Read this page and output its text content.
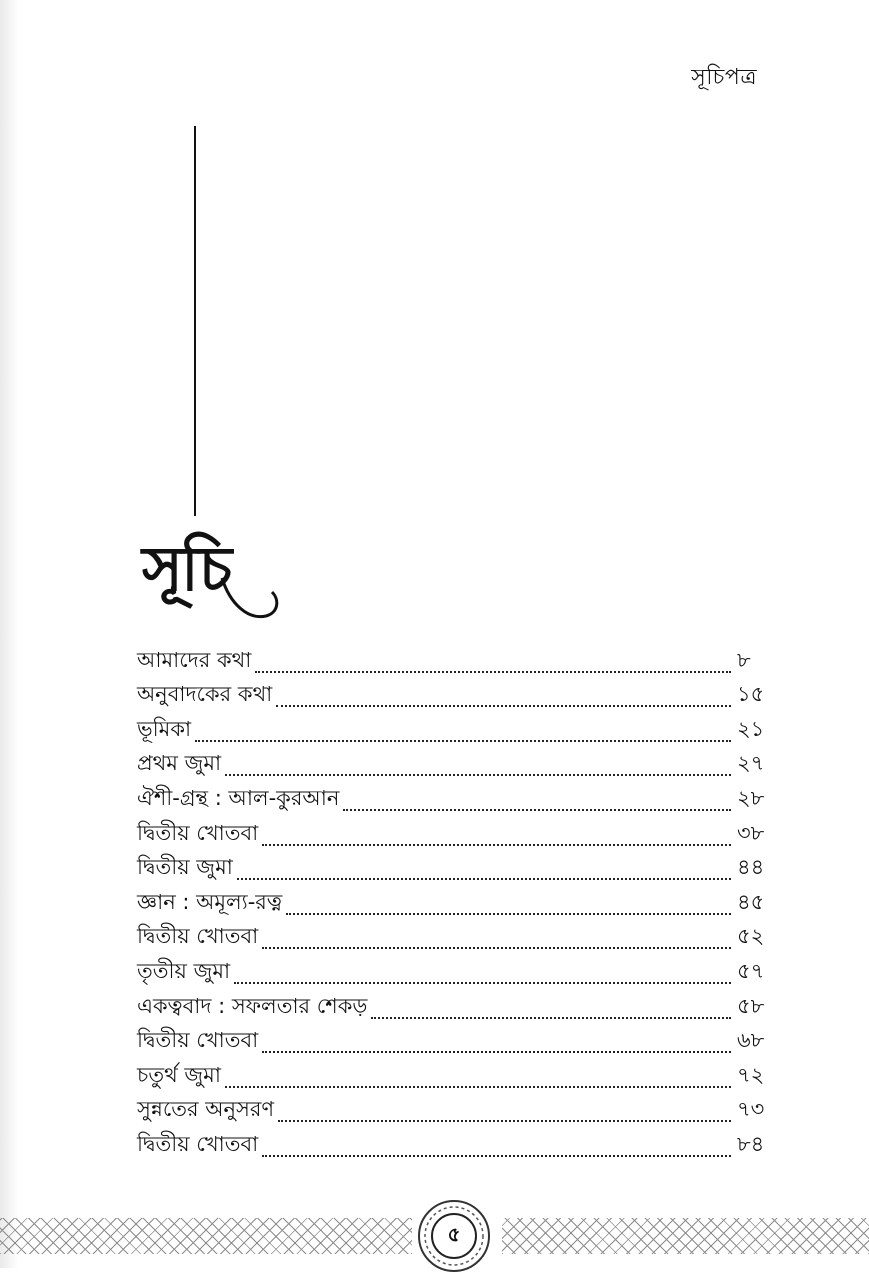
সূচিপত্র
সূচি
আমাদের কথা	৮
অনুবাদকের কথা	১৫
ভূমিকা	২১
প্রথম জুমা	২৭
ঐশী-গ্রন্থ : আল-কুরআন	২৮
দ্বিতীয় খোতবা	৩৮
দ্বিতীয় জুমা	৪৪
জ্ঞান : অমূল্য-রত্ন	৪৫
দ্বিতীয় খোতবা	৫২
তৃতীয় জুমা	৫৭
একত্ববাদ : সফলতার শেকড়	৫৮
দ্বিতীয় খোতবা	৬৮
চতুর্থ জুমা	৭২
সুন্নতের অনুসরণ	৭৩
দ্বিতীয় খোতবা	৮৪
৫
